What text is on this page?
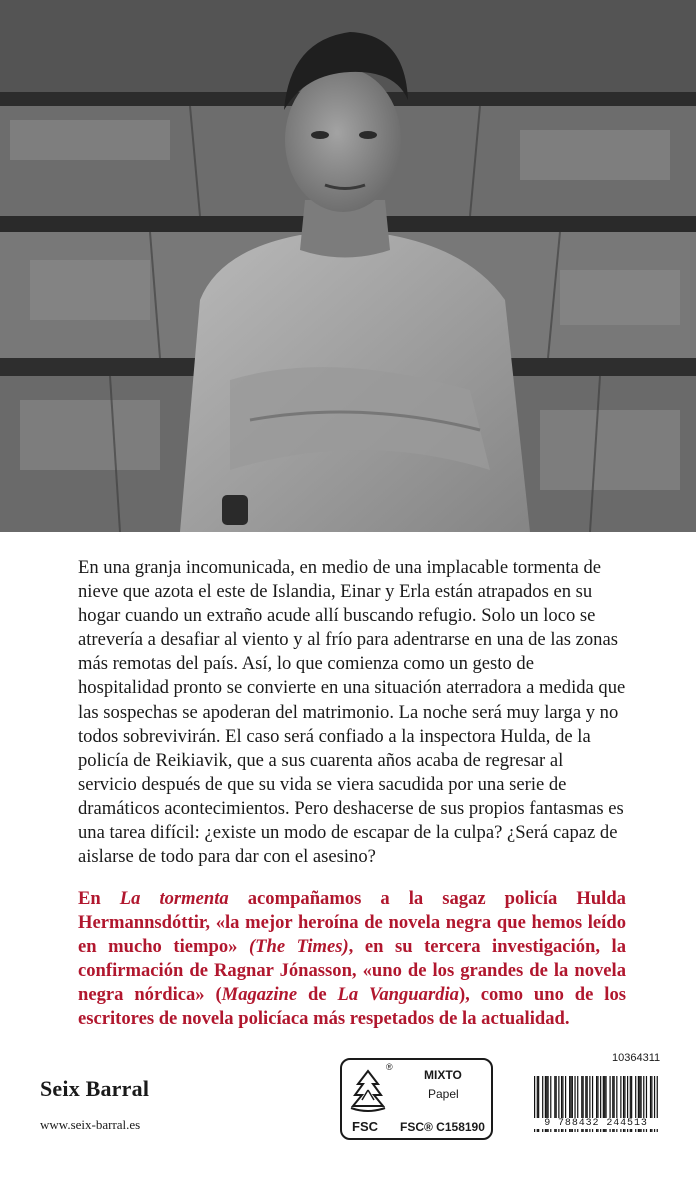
En una granja incomunicada, en medio de una implacable tormenta de nieve que azota el este de Islandia, Einar y Erla están atrapados en su hogar cuando un extraño acude allí buscando refugio. Solo un loco se atrevería a desafiar al viento y al frío para adentrarse en una de las zonas más remotas del país. Así, lo que comienza como un gesto de hospitalidad pronto se convierte en una situación aterradora a medida que las sospechas se apoderan del matrimonio. La noche será muy larga y no todos sobrevivirán. El caso será confiado a la inspectora Hulda, de la policía de Reikiavik, que a sus cuarenta años acaba de regresar al servicio después de que su vida se viera sacudida por una serie de dramáticos acontecimientos. Pero deshacerse de sus propios fantasmas es una tarea difícil: ¿existe un modo de escapar de la culpa? ¿Será capaz de aislarse de todo para dar con el asesino?

En La tormenta acompañamos a la sagaz policía Hulda Hermannsdóttir, «la mejor heroína de novela negra que hemos leído en mucho tiempo» (The Times), en su tercera investigación, la confirmación de Ragnar Jónasson, «uno de los grandes de la novela negra nórdica» (Magazine de La Vanguardia), como uno de los escritores de novela policíaca más respetados de la actualidad.

Seix Barral
www.seix-barral.es
®
MIXTO
Papel
FSC FSC® C158190
10364311
9 788432 244513
